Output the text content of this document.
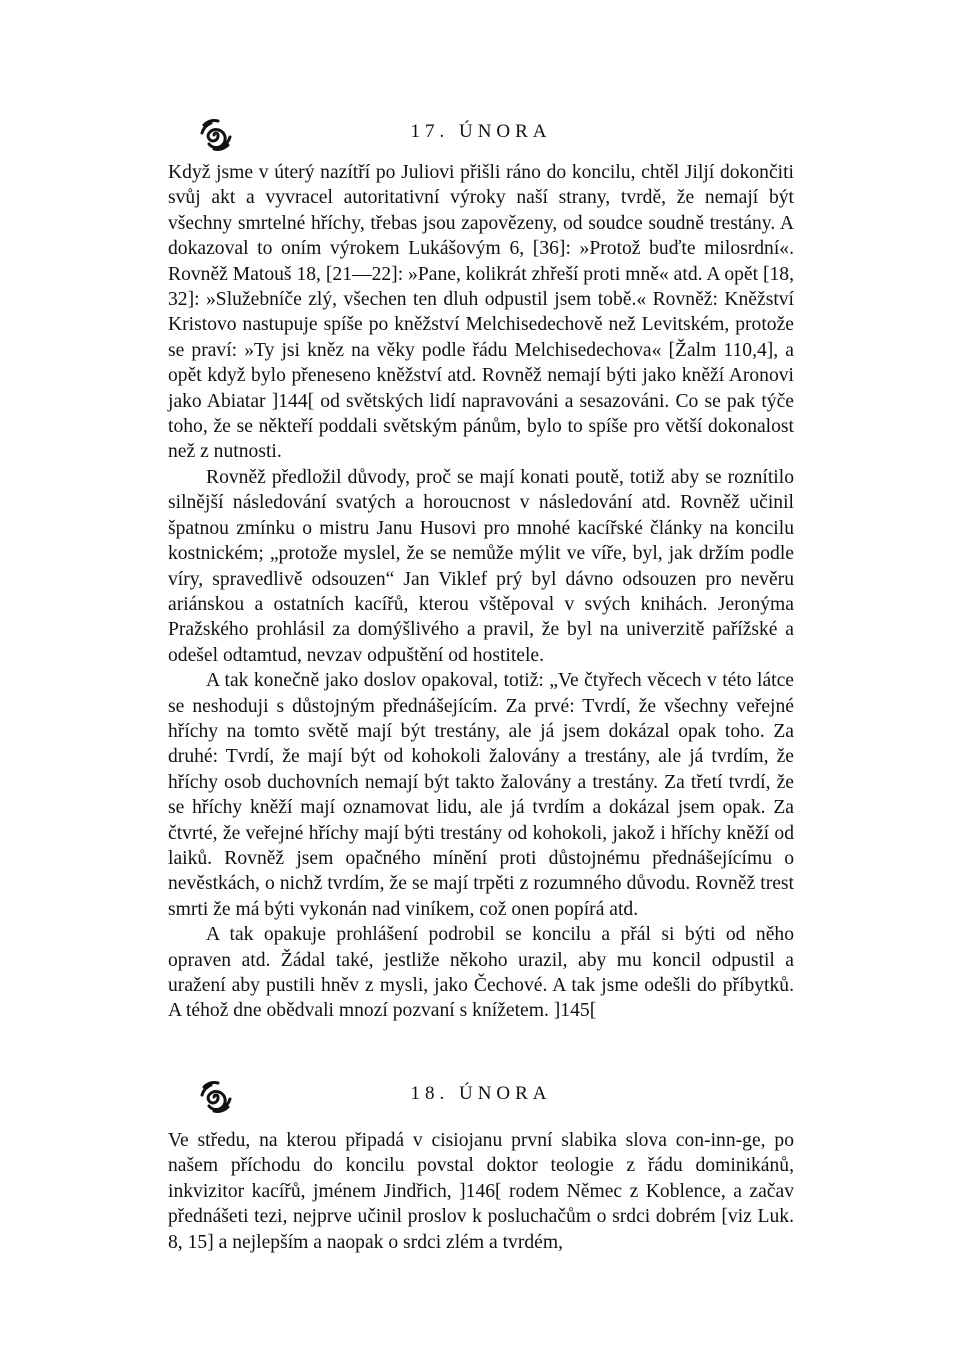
17. ÚNORA

Když jsme v úterý nazítří po Juliovi přišli ráno do koncilu, chtěl Jiljí dokončiti svůj akt a vyvracel autoritativní výroky naší strany, tvrdě, že nemají být všechny smrtelné hříchy, třebas jsou zapovězeny, od soudce soudně trestány. A dokazoval to oním výrokem Lukášovým 6, [36]: »Protož buďte milosrdní«. Rovněž Matouš 18, [21—22]: »Pane, kolikrát zhřeší proti mně« atd. A opět [18, 32]: »Služebníče zlý, všechen ten dluh odpustil jsem tobě.« Rovněž: Kněžství Kristovo nastupuje spíše po kněžství Melchisedechově než Levitském, protože se praví: »Ty jsi kněz na věky podle řádu Melchisedechova« [Žalm 110,4], a opět když bylo přeneseno kněžství atd. Rovněž nemají býti jako kněží Aronovi jako Abiatar ]144[ od světských lidí napravováni a sesazováni. Co se pak týče toho, že se někteří poddali světským pánům, bylo to spíše pro větší dokonalost než z nutnosti.

Rovněž předložil důvody, proč se mají konati poutě, totiž aby se roznítilo silnější následování svatých a horoucnost v následování atd. Rovněž učinil špatnou zmínku o mistru Janu Husovi pro mnohé kacířské články na koncilu kostnickém; „protože myslel, že se nemůže mýlit ve víře, byl, jak držím podle víry, spravedlivě odsouzen“ Jan Viklef prý byl dávno odsouzen pro nevěru ariánskou a ostatních kacířů, kterou vštěpoval v svých knihách. Jeronýma Pražského prohlásil za domýšlivého a pravil, že byl na univerzitě pařížské a odešel odtamtud, nevzav odpuštění od hostitele.

A tak konečně jako doslov opakoval, totiž: „Ve čtyřech věcech v této látce se neshoduji s důstojným přednášejícím. Za prvé: Tvrdí, že všechny veřejné hříchy na tomto světě mají být trestány, ale já jsem dokázal opak toho. Za druhé: Tvrdí, že mají být od kohokoli žalovány a trestány, ale já tvrdím, že hříchy osob duchovních nemají být takto žalovány a trestány. Za třetí tvrdí, že se hříchy kněží mají oznamovat lidu, ale já tvrdím a dokázal jsem opak. Za čtvrté, že veřejné hříchy mají býti trestány od kohokoli, jakož i hříchy kněží od laiků. Rovněž jsem opačného mínění proti důstojnému přednášejícímu o nevěstkách, o nichž tvrdím, že se mají trpěti z rozumného důvodu. Rovněž trest smrti že má býti vykonán nad viníkem, což onen popírá atd.

A tak opakuje prohlášení podrobil se koncilu a přál si býti od něho opraven atd. Žádal také, jestliže někoho urazil, aby mu koncil odpustil a uražení aby pustili hněv z mysli, jako Čechové. A tak jsme odešli do příbytků. A téhož dne obědvali mnozí pozvaní s knížetem. ]145[

18. ÚNORA

Ve středu, na kterou připadá v cisiojanu první slabika slova con-inn-ge, po našem příchodu do koncilu povstal doktor teologie z řádu dominikánů, inkvizitor kacířů, jménem Jindřich, ]146[ rodem Němec z Koblence, a začav přednášeti tezi, nejprve učinil proslov k posluchačům o srdci dobrém [viz Luk. 8, 15] a nejlepším a naopak o srdci zlém a tvrdém,
